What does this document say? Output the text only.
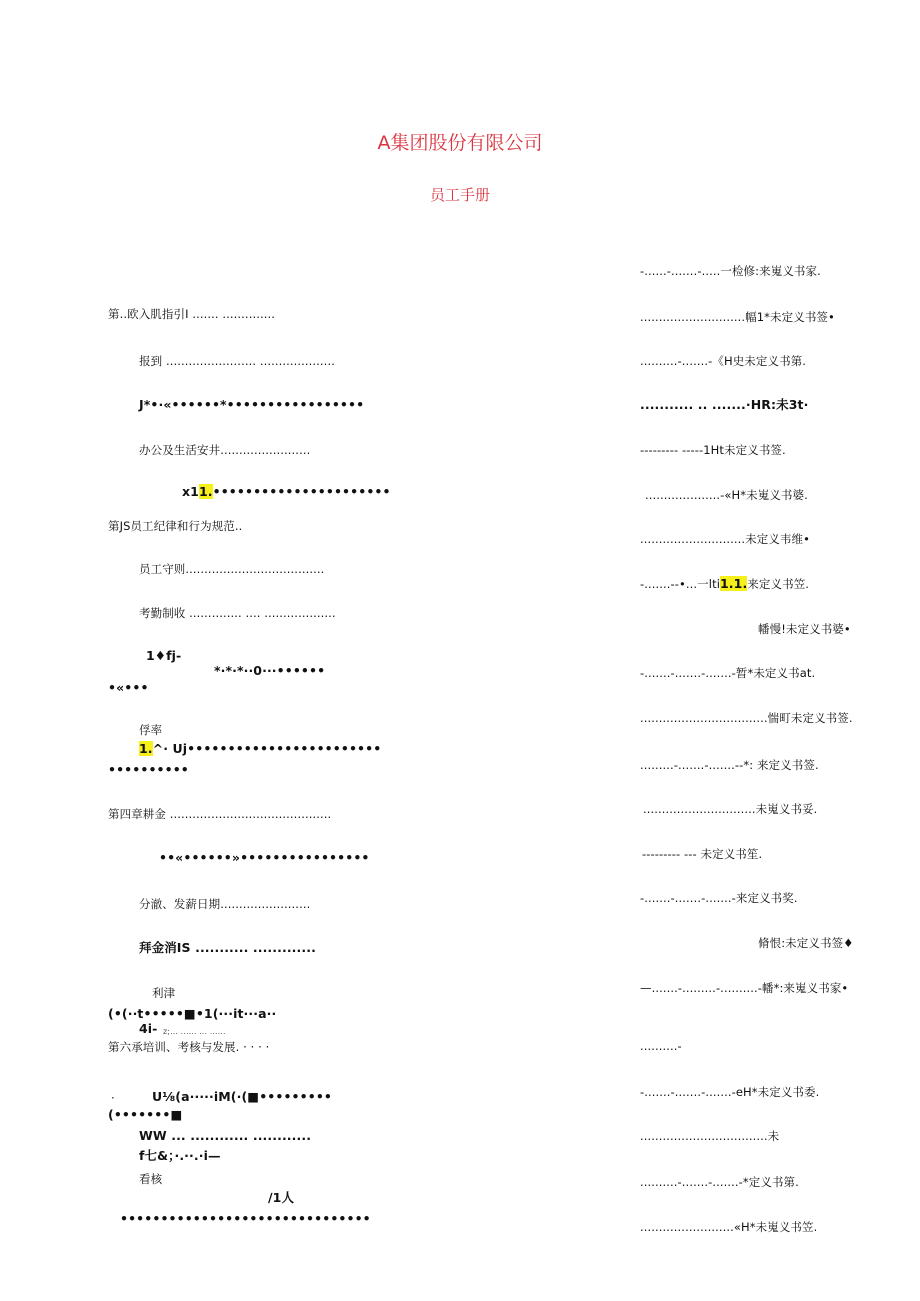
A集团股份有限公司
员工手册
第..欧入肌指引I ....... ..............
报到 ........................ ....................
J*•·«••••••*•••••••••••••••••
办公及生活安井........................
x11.••••••••••••••••••••••
第JS员工纪律和行为规范..
员工守则.....................................
考勤制收 .............. .... ...................
1♦fj-
*·*·*··0···••••••
•«•••
俘率
1.^· Uj••••••••••••••••••••••••
••••••••••
第四章耕金 ...........................................
••«••••••»••••••••••••••••
分澈、发薪日期........................
拜金消IS ........... .............
利津
(•(··t•••••■•1(···it···a··
4i- z;... ...... ... ......
第六承培训、考核与发展. · · · ·
·	U⅛(a·····iM(·(■•••••••••
(•••••••■
WW ... ............ ............
f七&；·.··.·i—
看核
∕1人
•••••••••••••••••••••••••••••••
-......-.......-.....一检修:来嵬义书家.
............................幅1*未定义书签•
..........-.......-《H史未定义书第.
........... .. .......·HR:未3t·
--------- -----1Ht未定义书签.
....................-«H*未嵬义书婆.
............................未定义韦维•
-.......--•...一lti1.1.来定义书笠.
幡慢!未定义书婆•
-.......-.......-.......-暂*未定义书at.
..................................惴町未定义书签.
.........-.......-.......--*: 来定义书签.
..............................未嵬义书妥.
--------- --- 未定义书笙.
-.......-.......-.......-来定义书奖.
脩恨:未定义书签♦
—.......-.........-..........-幡*:来嵬义书家•
..........-
-.......-.......-.......-eH*未定义书委.
..................................未
..........-.......-.......-*定义书第.
.........................«H*未嵬义书笠.
